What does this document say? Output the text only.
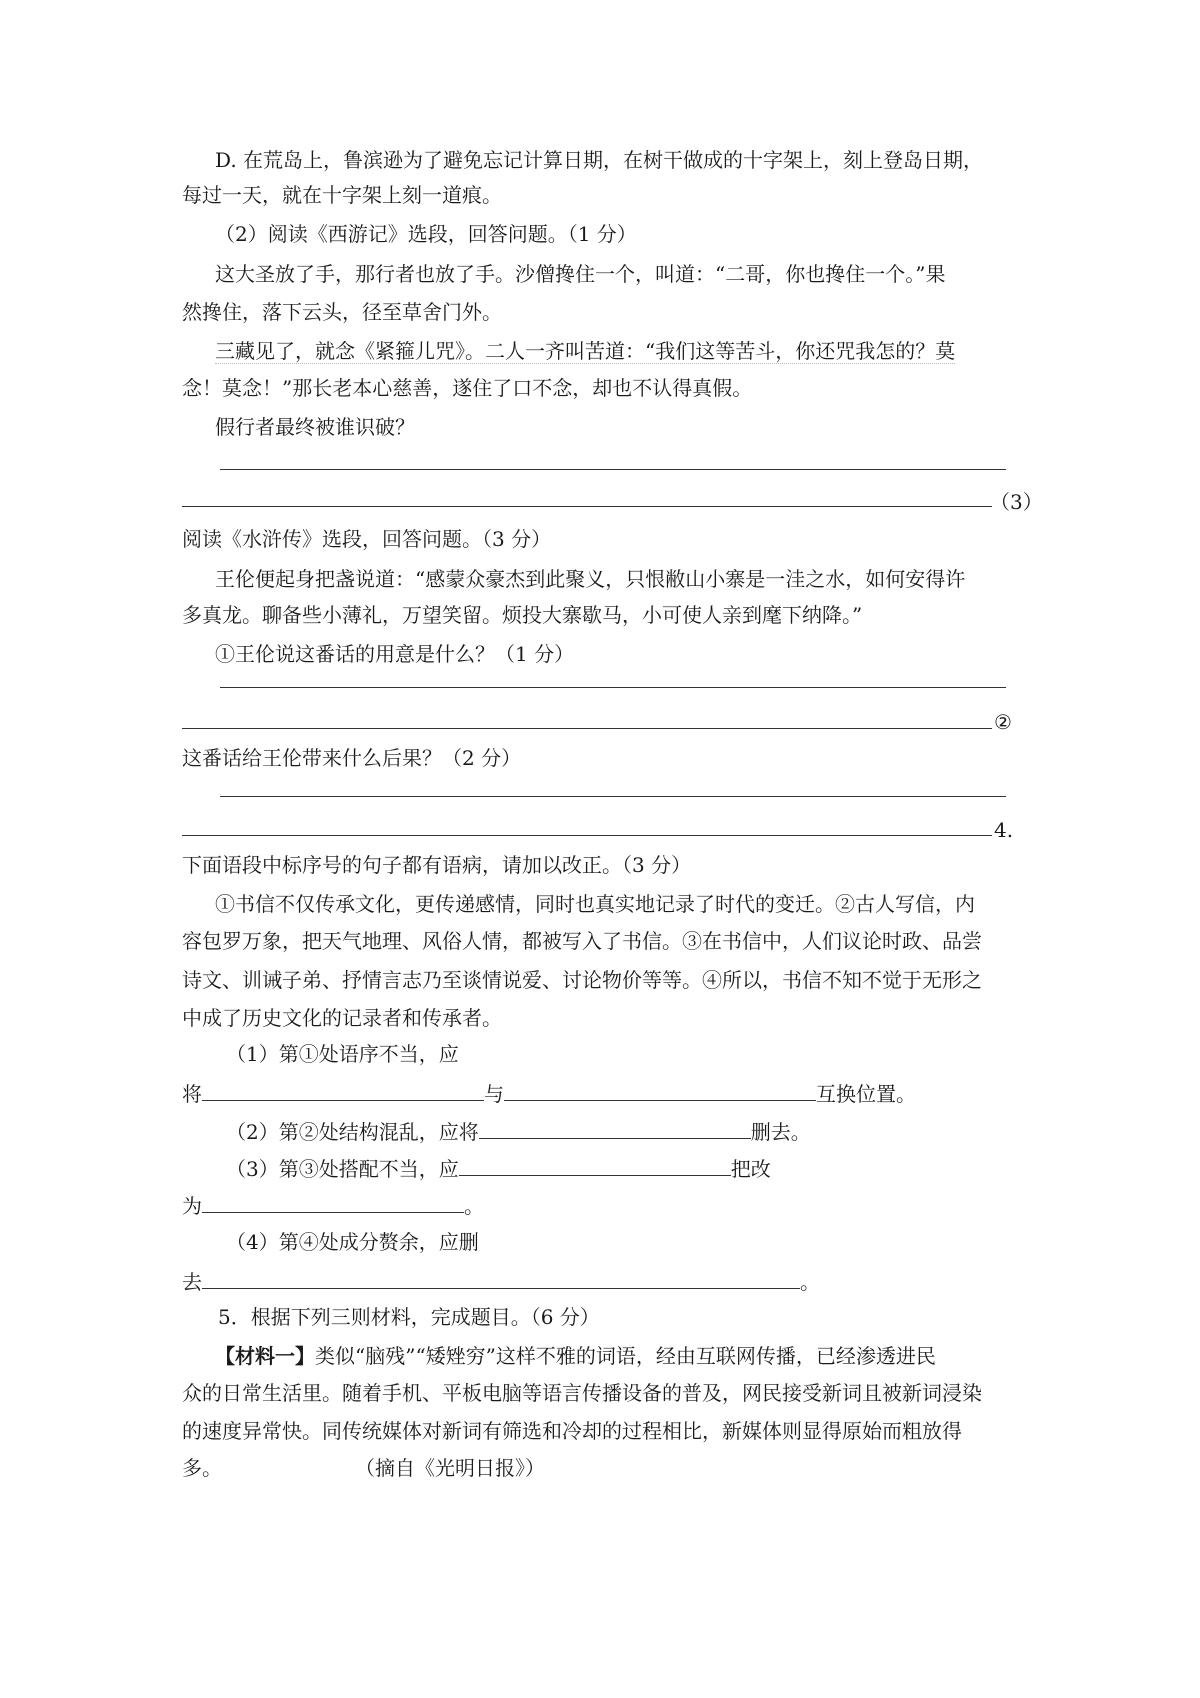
D. 在荒岛上，鲁滨逊为了避免忘记计算日期，在树干做成的十字架上，刻上登岛日期，
每过一天，就在十字架上刻一道痕。
（2）阅读《西游记》选段，回答问题。（1 分）
这大圣放了手，那行者也放了手。沙僧搀住一个，叫道：“二哥，你也搀住一个。”果
然搀住，落下云头，径至草舍门外。
三藏见了，就念《紧箍儿咒》。二人一齐叫苦道：“我们这等苦斗，你还咒我怎的？莫
念！莫念！”那长老本心慈善，遂住了口不念，却也不认得真假。
假行者最终被谁识破？
（3）
阅读《水浒传》选段，回答问题。（3 分）
王伦便起身把盏说道：“感蒙众豪杰到此聚义，只恨敝山小寨是一洼之水，如何安得许
多真龙。聊备些小薄礼，万望笑留。烦投大寨歇马，小可使人亲到麾下纳降。”
①王伦说这番话的用意是什么？（1 分）
②
这番话给王伦带来什么后果？（2 分）
4.
下面语段中标序号的句子都有语病，请加以改正。（3 分）
①书信不仅传承文化，更传递感情，同时也真实地记录了时代的变迁。②古人写信，内
容包罗万象，把天气地理、风俗人情，都被写入了书信。③在书信中，人们议论时政、品尝
诗文、训诫子弟、抒情言志乃至谈情说爱、讨论物价等等。④所以，书信不知不觉于无形之
中成了历史文化的记录者和传承者。
（1）第①处语序不当，应
将	与	互换位置。
（2）第②处结构混乱，应将	删去。
（3）第③处搭配不当，应	把改
为	。
（4）第④处成分赘余，应删
去	。
5．根据下列三则材料，完成题目。（6 分）
【材料一】类似“脑残”“矮矬穷”这样不雅的词语，经由互联网传播，已经渗透进民
众的日常生活里。随着手机、平板电脑等语言传播设备的普及，网民接受新词且被新词浸染
的速度异常快。同传统媒体对新词有筛选和冷却的过程相比，新媒体则显得原始而粗放得
多。	（摘自《光明日报》）
